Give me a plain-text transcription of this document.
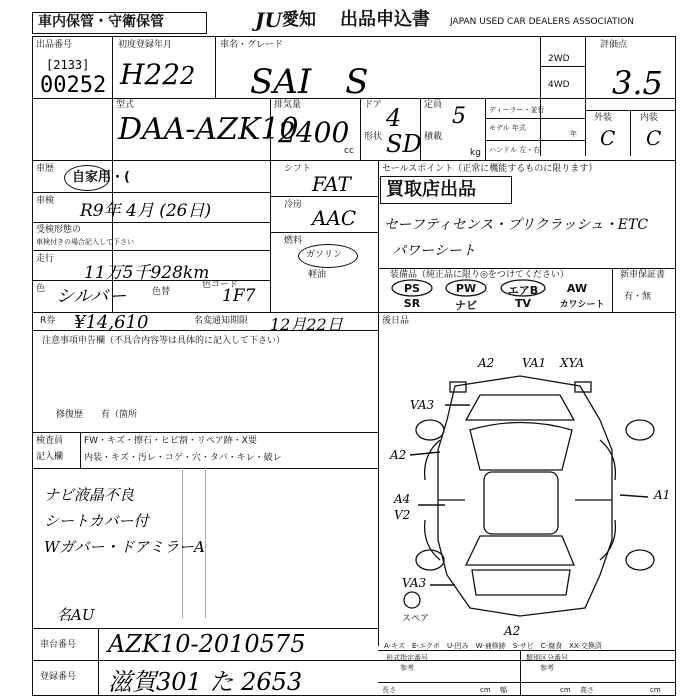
車内保管・守衛保管	JU 愛知 出品申込書 JAPAN USED CAR DEALERS ASSOCIATION
出品番号
[2133]
00252
初度登録年月
H22 2
車名・グレード
SAI　S
2WD
4WD
評価点
3.5
外装	内装
C C
型式
DAA-AZK10
排気量
2400
cc
ドア 4
形状 SD
定員 5
積載
kg
ディーラー・並行
モデル 年式
年
ハンドル 左・右
車歴
自家用・(
車検 R9年 4月 (26日)
受検形態の
車検付きの場合記入して下さい
走行
11万5千928km
色 シルバー	色替
色コード
1F7
シフト
FAT
冷房
AAC
燃料
ガソリン
軽油
セールスポイント（正常に機能するものに限ります）
買取店出品
セーフティセンス・プリクラッシュ・ETC
パワーシート
装備品（純正品に限り◎をつけてください）
PS	PW	エアB	AW
SR	ナビ	TV	カワシート
新車保証書
有・無
R券 ¥14,610	名変通知期限 12月22日	後日品
注意事項申告欄（不具合内容等は具体的に記入して下さい）
修復歴　　有（箇所
検査員
記入欄
FW・キズ・擦石・ヒビ割・リペア跡・X要
内装・キズ・汚レ・コゲ・穴・タバ・キレ・破レ
ナビ液晶不良
シートカバー付
Wガバー・ドアミラーA
名AU
A2 VA1 XYA
VA3
A2
A4
V2
A1
VA3
A2
スペア
A-キズ　E-エクボ　U-凹み　W-補修跡　S-サビ　C-腐食　XX-交換済
車台番号 AZK10-2010575
登録番号 滋賀301 た 2653
形式指定番号
参考
類別区分番号
参考
長さ	cm 幅	cm 高さ	cm
